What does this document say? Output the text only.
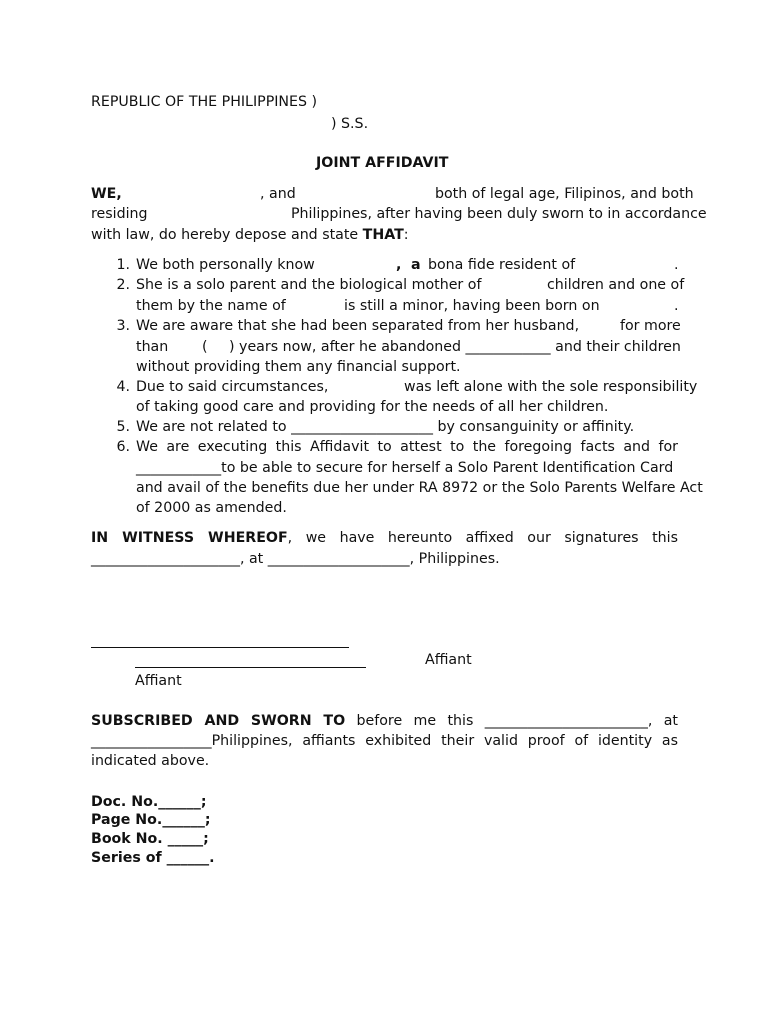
REPUBLIC OF THE PHILIPPINES )
) S.S.
JOINT AFFIDAVIT
WE,	, and	both of legal age, Filipinos, and both
residing	Philippines, after having been duly sworn to in accordance
with law, do hereby depose and state THAT:
1. We both personally know	, a bona fide resident of	.
2. She is a solo parent and the biological mother of	children and one of
them by the name of	is still a minor, having been born on	.
3. We are aware that she had been separated from her husband,	for more
than ( ) years now, after he abandoned ____________ and their children
without providing them any financial support.
4. Due to said circumstances,	was left alone with the sole responsibility
of taking good care and providing for the needs of all her children.
5. We are not related to ____________________ by consanguinity or affinity.
6. We are executing this Affidavit to attest to the foregoing facts and for
____________to be able to secure for herself a Solo Parent Identification Card
and avail of the benefits due her under RA 8972 or the Solo Parents Welfare Act
of 2000 as amended.
IN WITNESS WHEREOF, we have hereunto affixed our signatures this
_____________________, at ____________________, Philippines.
Affiant
Affiant
SUBSCRIBED AND SWORN TO before me this _______________________, at
_________________Philippines, affiants exhibited their valid proof of identity as
indicated above.
Doc. No.______;
Page No.______;
Book No. _____;
Series of ______.
